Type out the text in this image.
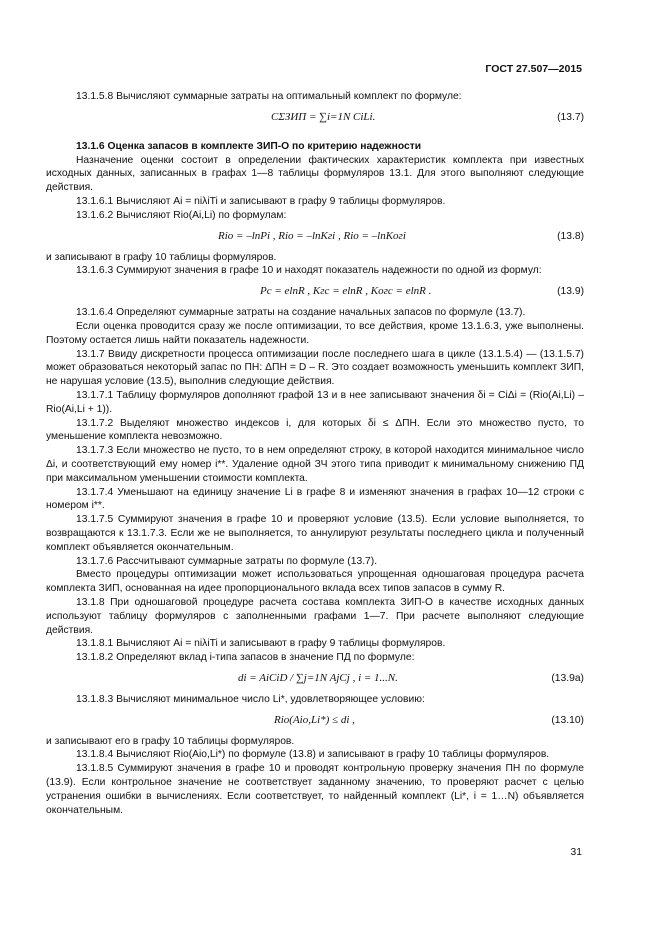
ГОСТ 27.507—2015

13.1.5.8 Вычисляют суммарные затраты на оптимальный комплект по формуле:

CΣЗИП = ∑i=1N CiLi.	(13.7)

13.1.6 Оценка запасов в комплекте ЗИП-О по критерию надежности

Назначение оценки состоит в определении фактических характеристик комплекта при известных исходных данных, записанных в графах 1—8 таблицы формуляров 13.1. Для этого выполняют следующие действия.

13.1.6.1 Вычисляют Ai = niλiTi и записывают в графу 9 таблицы формуляров.

13.1.6.2 Вычисляют Rio(Ai,Li) по формулам:

Rio = –lnPi , Rio = –lnKгi , Rio = –lnKогi	(13.8)

и записывают в графу 10 таблицы формуляров.

13.1.6.3 Суммируют значения в графе 10 и находят показатель надежности по одной из формул:

Pc = elnR , Kгc = elnR , Kогc = elnR .	(13.9)

13.1.6.4 Определяют суммарные затраты на создание начальных запасов по формуле (13.7).

Если оценка проводится сразу же после оптимизации, то все действия, кроме 13.1.6.3, уже выполнены. Поэтому остается лишь найти показатель надежности.

13.1.7 Ввиду дискретности процесса оптимизации после последнего шага в цикле (13.1.5.4) — (13.1.5.7) может образоваться некоторый запас по ПН: ΔПН = D – R. Это создает возможность уменьшить комплект ЗИП, не нарушая условие (13.5), выполнив следующие действия.

13.1.7.1 Таблицу формуляров дополняют графой 13 и в нее записывают значения δi = CiΔi = (Rio(Ai,Li) – Rio(Ai,Li + 1)).

13.1.7.2 Выделяют множество индексов i, для которых δi ≤ ΔПН. Если это множество пусто, то уменьшение комплекта невозможно.

13.1.7.3 Если множество не пусто, то в нем определяют строку, в которой находится минимальное число Δi, и соответствующий ему номер i**. Удаление одной ЗЧ этого типа приводит к минимальному снижению ПД при максимальном уменьшении стоимости комплекта.

13.1.7.4 Уменьшают на единицу значение Li в графе 8 и изменяют значения в графах 10—12 строки с номером i**.

13.1.7.5 Суммируют значения в графе 10 и проверяют условие (13.5). Если условие выполняется, то возвращаются к 13.1.7.3. Если же не выполняется, то аннулируют результаты последнего цикла и полученный комплект объявляется окончательным.

13.1.7.6 Рассчитывают суммарные затраты по формуле (13.7).

Вместо процедуры оптимизации может использоваться упрощенная одношаговая процедура расчета комплекта ЗИП, основанная на идее пропорционального вклада всех типов запасов в сумму R.

13.1.8 При одношаговой процедуре расчета состава комплекта ЗИП-О в качестве исходных данных используют таблицу формуляров с заполненными графами 1—7. При расчете выполняют следующие действия.

13.1.8.1 Вычисляют Ai = niλiTi и записывают в графу 9 таблицы формуляров.

13.1.8.2 Определяют вклад i-типа запасов в значение ПД по формуле:

di = AiCiD / ∑j=1N AjCj , i = 1...N.	(13.9a)

13.1.8.3 Вычисляют минимальное число Li*, удовлетворяющее условию:

Rio(Aio,Li*) ≤ di ,	(13.10)

и записывают его в графу 10 таблицы формуляров.

13.1.8.4 Вычисляют Rio(Aio,Li*) по формуле (13.8) и записывают в графу 10 таблицы формуляров.

13.1.8.5 Суммируют значения в графе 10 и проводят контрольную проверку значения ПН по формуле (13.9). Если контрольное значение не соответствует заданному значению, то проверяют расчет с целью устранения ошибки в вычислениях. Если соответствует, то найденный комплект (Li*, i = 1…N) объявляется окончательным.

31
